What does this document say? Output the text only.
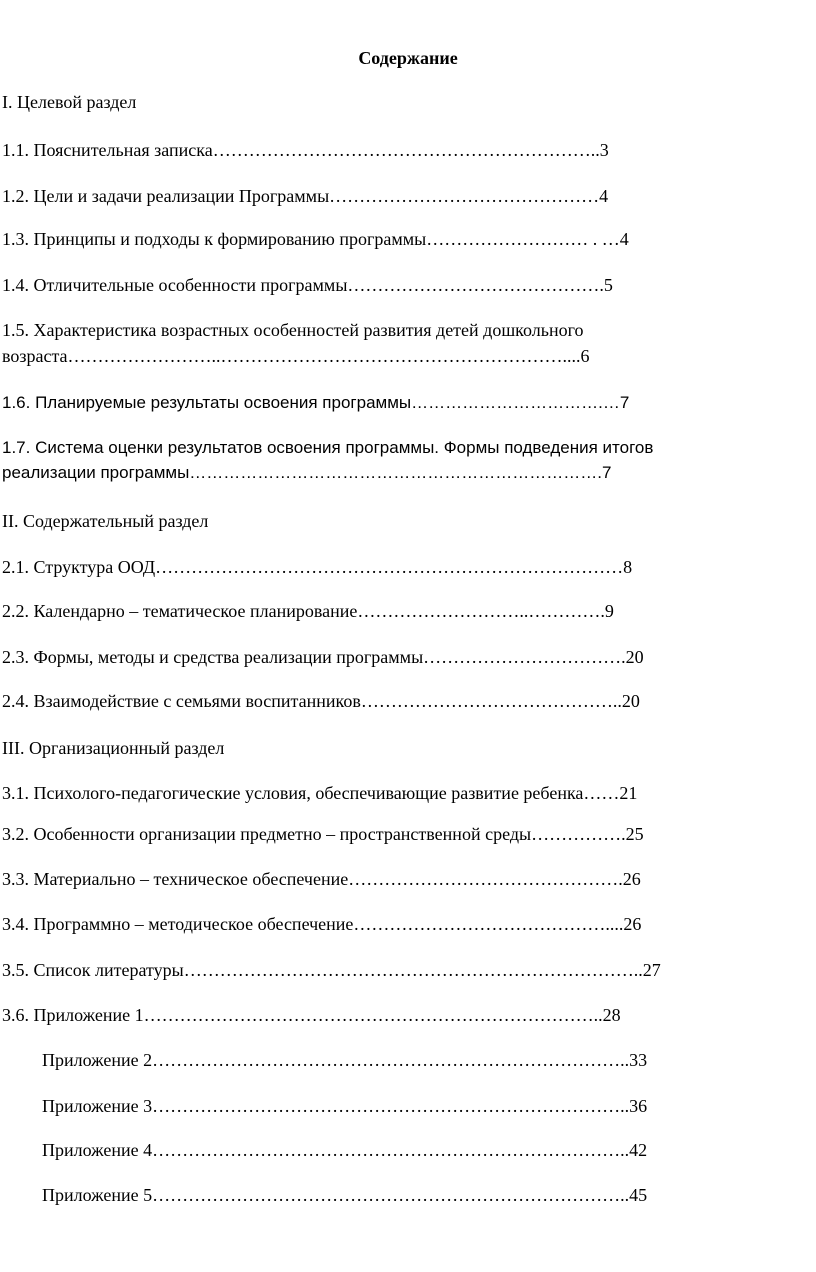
Содержание
I. Целевой раздел
1.1. Пояснительная записка………………………………………………………..3
1.2. Цели и задачи реализации Программы………………………………………4
1.3. Принципы и подходы к формированию программы……………………… . …4
1.4. Отличительные особенности программы…………………………………….5
1.5. Характеристика возрастных особенностей развития детей дошкольного
возраста……………………..…………………………………………………....6
1.6. Планируемые результаты освоения программы…………………………….…7
1.7. Система оценки результатов освоения программы. Формы подведения итогов
реализации программы……………………………………………………………….7
II. Содержательный раздел
2.1. Структура ООД……………………………………………………………………8
2.2. Календарно – тематическое планирование………………………..………….9
2.3. Формы, методы и средства реализации программы…………………………….20
2.4. Взаимодействие с семьями воспитанников……………………………………..20
III. Организационный раздел
3.1. Психолого-педагогические условия, обеспечивающие развитие ребенка……21
3.2. Особенности организации предметно – пространственной среды…………….25
3.3. Материально – техническое обеспечение……………………………………….26
3.4. Программно – методическое обеспечение……………………………………....26
3.5. Список литературы…………………………………………………………………..27
3.6. Приложение 1…………………………………………………………………..28
Приложение 2……………………………………………………………………..33
Приложение 3……………………………………………………………………..36
Приложение 4……………………………………………………………………..42
Приложение 5……………………………………………………………………..45
